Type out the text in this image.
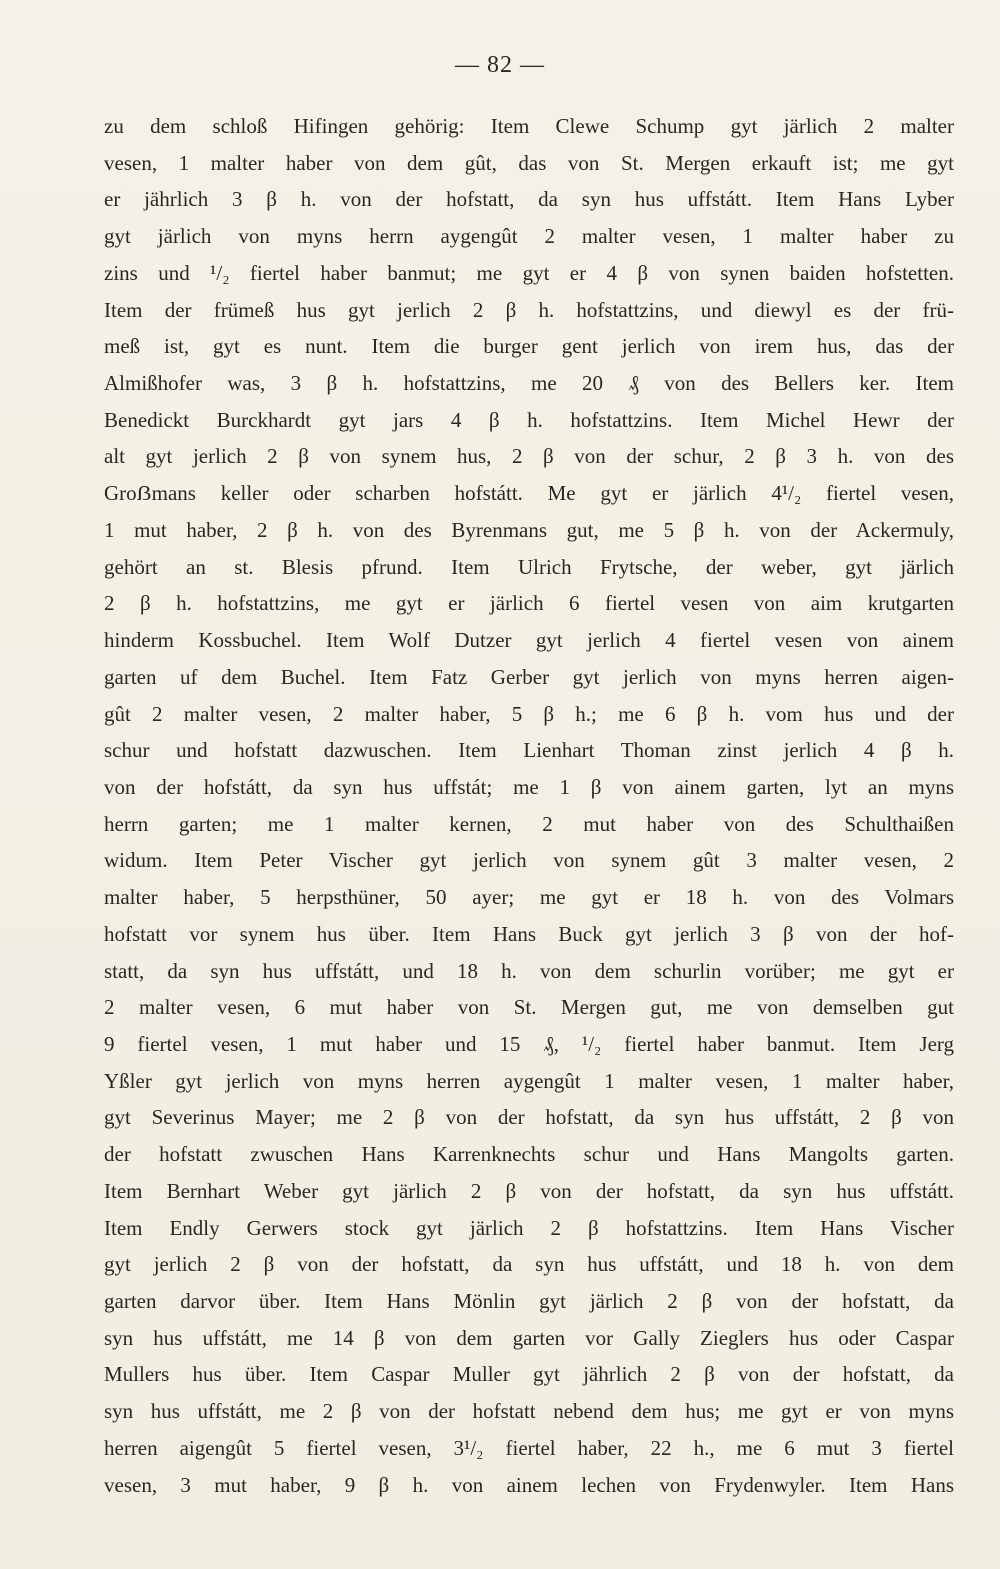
— 82 —
zu dem schloß Hifingen gehörig: Item Clewe Schump gyt järlich 2 malter
vesen, 1 malter haber von dem gût, das von St. Mergen erkauft ist; me gyt
er jährlich 3 β h. von der hofstatt, da syn hus uffstátt. Item Hans Lyber
gyt järlich von myns herrn aygengût 2 malter vesen, 1 malter haber zu
zins und ¹/₂ fiertel haber banmut; me gyt er 4 β von synen baiden hofstetten.
Item der frümeß hus gyt jerlich 2 β h. hofstattzins, und diewyl es der frü-
meß ist, gyt es nunt. Item die burger gent jerlich von irem hus, das der
Almißhofer was, 3 β h. hofstattzins, me 20 ₰ von des Bellers ker. Item
Benedickt Burckhardt gyt jars 4 β h. hofstattzins. Item Michel Hewr der
alt gyt jerlich 2 β von synem hus, 2 β von der schur, 2 β 3 h. von des
Groẞmans keller oder scharben hofstátt. Me gyt er järlich 4¹/₂ fiertel vesen,
1 mut haber, 2 β h. von des Byrenmans gut, me 5 β h. von der Ackermuly,
gehört an st. Blesis pfrund. Item Ulrich Frytsche, der weber, gyt järlich
2 β h. hofstattzins, me gyt er järlich 6 fiertel vesen von aim krutgarten
hinderm Kossbuchel. Item Wolf Dutzer gyt jerlich 4 fiertel vesen von ainem
garten uf dem Buchel. Item Fatz Gerber gyt jerlich von myns herren aigen-
gût 2 malter vesen, 2 malter haber, 5 β h.; me 6 β h. vom hus und der
schur und hofstatt dazwuschen. Item Lienhart Thoman zinst jerlich 4 β h.
von der hofstátt, da syn hus uffstát; me 1 β von ainem garten, lyt an myns
herrn garten; me 1 malter kernen, 2 mut haber von des Schulthaißen
widum. Item Peter Vischer gyt jerlich von synem gût 3 malter vesen, 2
malter haber, 5 herpsthüner, 50 ayer; me gyt er 18 h. von des Volmars
hofstatt vor synem hus über. Item Hans Buck gyt jerlich 3 β von der hof-
statt, da syn hus uffstátt, und 18 h. von dem schurlin vorüber; me gyt er
2 malter vesen, 6 mut haber von St. Mergen gut, me von demselben gut
9 fiertel vesen, 1 mut haber und 15 ₰, ¹/₂ fiertel haber banmut. Item Jerg
Yßler gyt jerlich von myns herren aygengût 1 malter vesen, 1 malter haber,
gyt Severinus Mayer; me 2 β von der hofstatt, da syn hus uffstátt, 2 β von
der hofstatt zwuschen Hans Karrenknechts schur und Hans Mangolts garten.
Item Bernhart Weber gyt järlich 2 β von der hofstatt, da syn hus uffstátt.
Item Endly Gerwers stock gyt järlich 2 β hofstattzins. Item Hans Vischer
gyt jerlich 2 β von der hofstatt, da syn hus uffstátt, und 18 h. von dem
garten darvor über. Item Hans Mönlin gyt järlich 2 β von der hofstatt, da
syn hus uffstátt, me 14 β von dem garten vor Gally Zieglers hus oder Caspar
Mullers hus über. Item Caspar Muller gyt jährlich 2 β von der hofstatt, da
syn hus uffstátt, me 2 β von der hofstatt nebend dem hus; me gyt er von myns
herren aigengût 5 fiertel vesen, 3¹/₂ fiertel haber, 22 h., me 6 mut 3 fiertel
vesen, 3 mut haber, 9 β h. von ainem lechen von Frydenwyler. Item Hans
